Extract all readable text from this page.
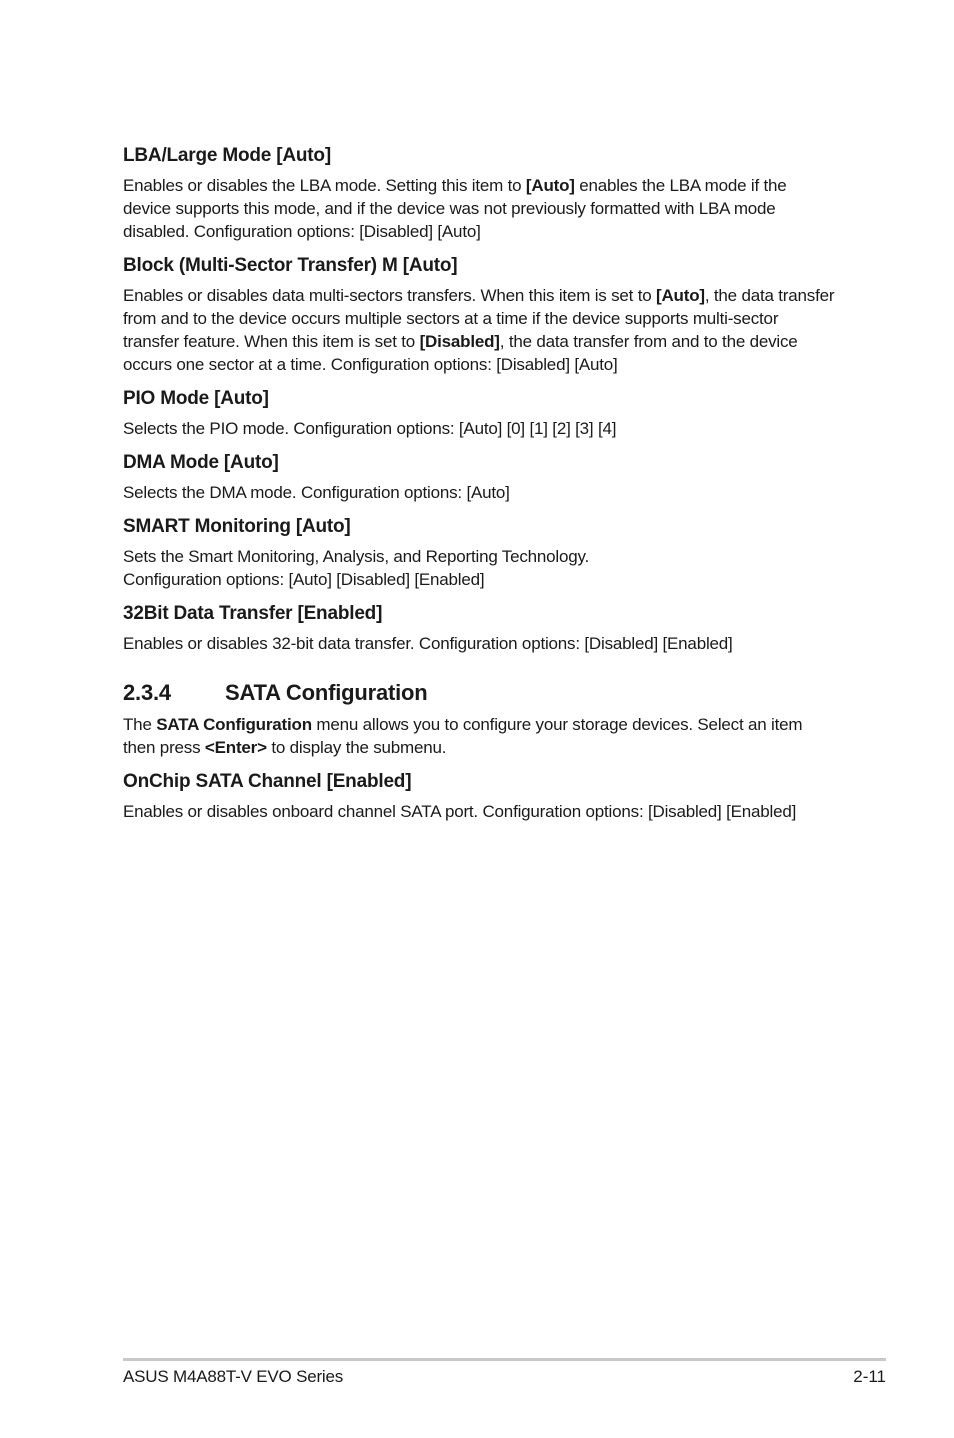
LBA/Large Mode [Auto]
Enables or disables the LBA mode. Setting this item to [Auto] enables the LBA mode if the device supports this mode, and if the device was not previously formatted with LBA mode disabled. Configuration options: [Disabled] [Auto]
Block (Multi-Sector Transfer) M [Auto]
Enables or disables data multi-sectors transfers. When this item is set to [Auto], the data transfer from and to the device occurs multiple sectors at a time if the device supports multi-sector transfer feature. When this item is set to [Disabled], the data transfer from and to the device occurs one sector at a time. Configuration options: [Disabled] [Auto]
PIO Mode [Auto]
Selects the PIO mode. Configuration options: [Auto] [0] [1] [2] [3] [4]
DMA Mode [Auto]
Selects the DMA mode. Configuration options: [Auto]
SMART Monitoring [Auto]
Sets the Smart Monitoring, Analysis, and Reporting Technology.
Configuration options: [Auto] [Disabled] [Enabled]
32Bit Data Transfer [Enabled]
Enables or disables 32-bit data transfer. Configuration options: [Disabled] [Enabled]
2.3.4	SATA Configuration
The SATA Configuration menu allows you to configure your storage devices. Select an item then press <Enter> to display the submenu.
OnChip SATA Channel [Enabled]
Enables or disables onboard channel SATA port. Configuration options: [Disabled] [Enabled]
ASUS M4A88T-V EVO Series	2-11
